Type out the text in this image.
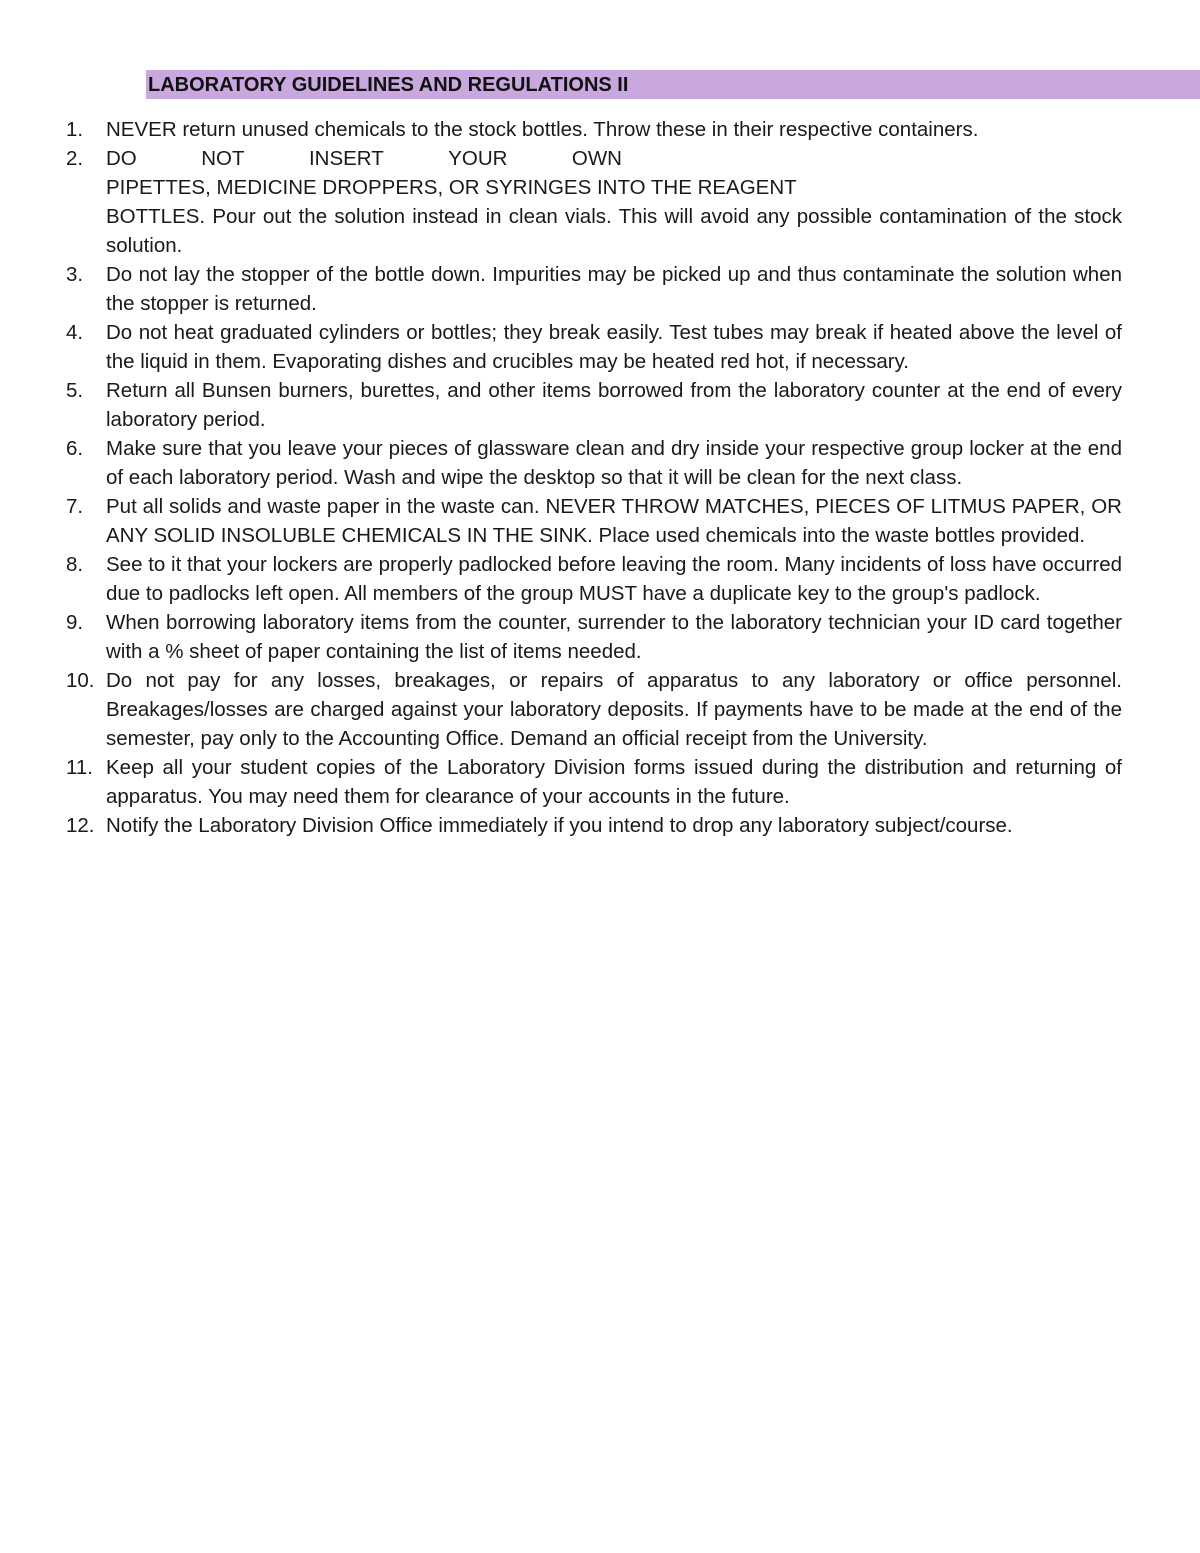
LABORATORY GUIDELINES AND REGULATIONS II
1.	NEVER return unused chemicals to the stock bottles. Throw these in their respective containers.
2.	DO	NOT	INSERT	YOUR	OWN
PIPETTES, MEDICINE DROPPERS, OR SYRINGES INTO THE REAGENT
BOTTLES. Pour out the solution instead in clean vials. This will avoid any possible contamination of the stock solution.
3.	Do not lay the stopper of the bottle down. Impurities may be picked up and thus contaminate the solution when the stopper is returned.
4.	Do not heat graduated cylinders or bottles; they break easily. Test tubes may break if heated above the level of the liquid in them. Evaporating dishes and crucibles may be heated red hot, if necessary.
5.	Return all Bunsen burners, burettes, and other items borrowed from the laboratory counter at the end of every laboratory period.
6.	Make sure that you leave your pieces of glassware clean and dry inside your respective group locker at the end of each laboratory period. Wash and wipe the desktop so that it will be clean for the next class.
7.	Put all solids and waste paper in the waste can. NEVER THROW MATCHES, PIECES OF LITMUS PAPER, OR ANY SOLID INSOLUBLE CHEMICALS IN THE SINK. Place used chemicals into the waste bottles provided.
8.	See to it that your lockers are properly padlocked before leaving the room. Many incidents of loss have occurred due to padlocks left open. All members of the group MUST have a duplicate key to the group's padlock.
9.	When borrowing laboratory items from the counter, surrender to the laboratory technician your ID card together with a % sheet of paper containing the list of items needed.
10. Do not pay for any losses, breakages, or repairs of apparatus to any laboratory or office personnel. Breakages/losses are charged against your laboratory deposits. If payments have to be made at the end of the semester, pay only to the Accounting Office. Demand an official receipt from the University.
11. Keep all your student copies of the Laboratory Division forms issued during the distribution and returning of apparatus. You may need them for clearance of your accounts in the future.
12. Notify the Laboratory Division Office immediately if you intend to drop any laboratory subject/course.
